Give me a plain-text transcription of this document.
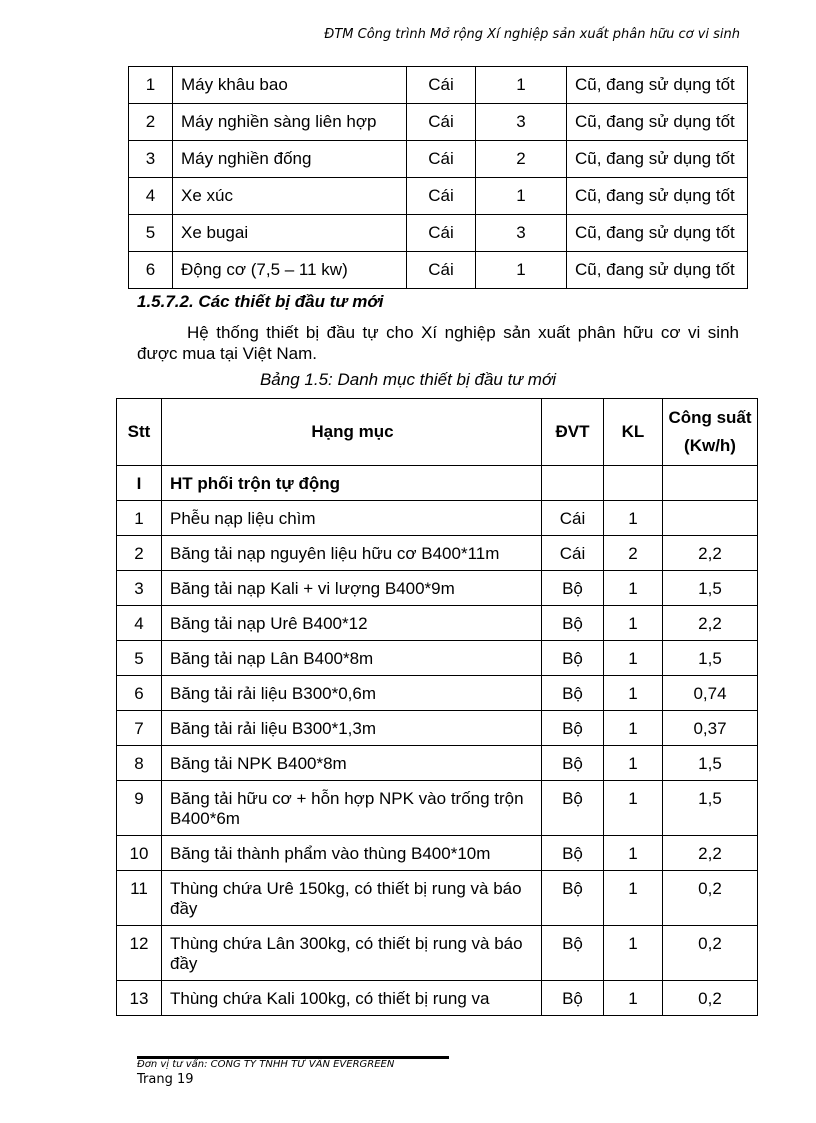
ĐTM Công trình Mở rộng Xí nghiệp sản xuất phân hữu cơ vi sinh
1	Máy khâu bao	Cái	1	Cũ, đang sử dụng tốt
2	Máy nghiền sàng liên hợp	Cái	3	Cũ, đang sử dụng tốt
3	Máy nghiền đống	Cái	2	Cũ, đang sử dụng tốt
4	Xe xúc	Cái	1	Cũ, đang sử dụng tốt
5	Xe bugai	Cái	3	Cũ, đang sử dụng tốt
6	Động cơ (7,5 – 11 kw)	Cái	1	Cũ, đang sử dụng tốt
1.5.7.2. Các thiết bị đầu tư mới

Hệ thống thiết bị đầu tự cho Xí nghiệp sản xuất phân hữu cơ vi sinh được mua tại Việt Nam.

Bảng 1.5: Danh mục thiết bị đầu tư mới
Stt	Hạng mục	ĐVT	KL	Công suất
(Kw/h)

I	HT phối trộn tự động			
1	Phễu nạp liệu chìm	Cái	1	
2	Băng tải nạp nguyên liệu hữu cơ B400*11m	Cái	2	2,2
3	Băng tải nạp Kali + vi lượng B400*9m	Bộ	1	1,5
4	Băng tải nạp Urê B400*12	Bộ	1	2,2
5	Băng tải nạp Lân B400*8m	Bộ	1	1,5
6	Băng tải rải liệu B300*0,6m	Bộ	1	0,74
7	Băng tải rải liệu B300*1,3m	Bộ	1	0,37
8	Băng tải NPK B400*8m	Bộ	1	1,5
9	Băng tải hữu cơ + hỗn hợp NPK vào trống trộn B400*6m	Bộ	1	1,5
10	Băng tải thành phẩm vào thùng B400*10m	Bộ	1	2,2
11	Thùng chứa Urê 150kg, có thiết bị rung và báo đầy	Bộ	1	0,2
12	Thùng chứa Lân 300kg, có thiết bị rung và báo đầy	Bộ	1	0,2
13	Thùng chứa Kali 100kg, có thiết bị rung va	Bộ	1	0,2
Đơn vị tư vấn: CÔNG TY TNHH TƯ VẤN EVERGREEN
Trang 19
